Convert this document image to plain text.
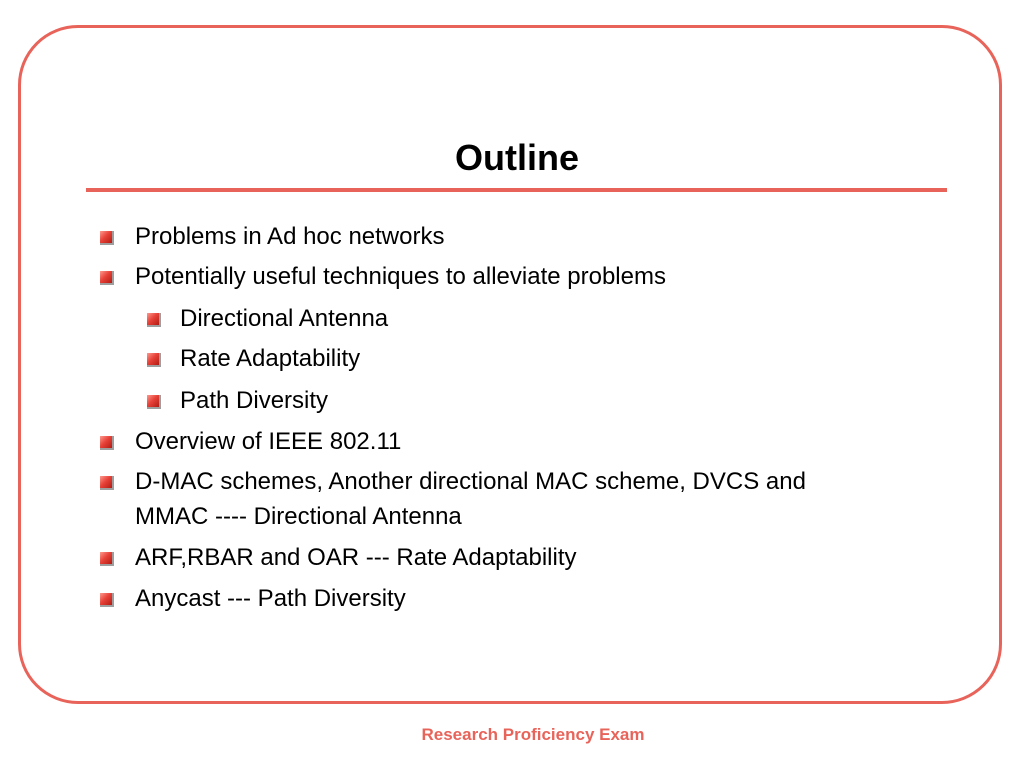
Outline
Problems in Ad hoc networks
Potentially useful techniques to alleviate problems
Directional Antenna
Rate Adaptability
Path Diversity
Overview of IEEE 802.11
D-MAC schemes, Another directional MAC scheme, DVCS and
MMAC ---- Directional Antenna
ARF,RBAR and OAR --- Rate Adaptability
Anycast --- Path Diversity
Research Proficiency Exam
